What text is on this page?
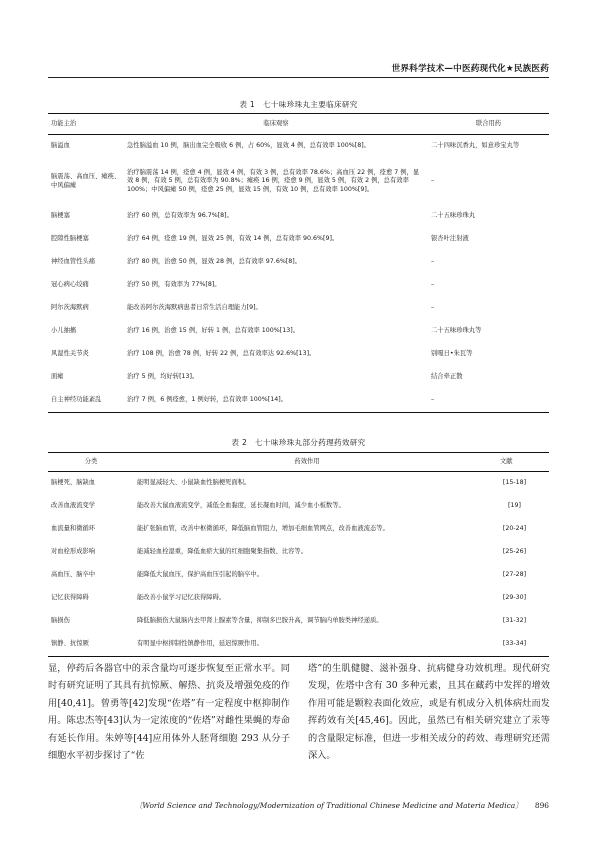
世界科学技术—中医药现代化★民族医药
表 1　七十味珍珠丸主要临床研究
功能主治	临床观察	联合用药
脑溢血	急性脑溢血 10 例，脑出血完全吸收 6 例，占 60%，显效 4 例，总有效率 100%[8]。	二十四味沉香丸，如意珍宝丸等
脑震荡、高血压、瘫痪、中风偏瘫	治疗脑震荡 14 例，痊愈 4 例，显效 4 例，有效 3 例，总有效率 78.6%；高血压 22 例，痊愈 7 例，显效 8 例，有效 5 例，总有效率为 90.8%；瘫痪 16 例，痊愈 9 例，显效 5 例，有效 2 例，总有效率 100%；中风偏瘫 50 例，痊愈 25 例，显效 15 例，有效 10 例，总有效率 100%[9]。	–
脑梗塞	治疗 60 例，总有效率为 96.7%[8]。	二十五味珍珠丸
腔隙性脑梗塞	治疗 64 例，痊愈 19 例，显效 25 例，有效 14 例，总有效率 90.6%[9]。	银杏叶注射液
神经血管性头痛	治疗 80 例，治愈 50 例，显效 28 例，总有效率 97.6%[8]。	–
冠心病心绞痛	治疗 50 例，有效率为 77%[8]。	–
阿尔茨海默病	能改善阿尔茨海默病患者日常生活自理能力[9]。	–
小儿抽搐	治疗 16 例，治愈 15 例，好转 1 例，总有效率 100%[13]。	二十五味珍珠丸等
风湿性关节炎	治疗 108 例，治愈 78 例，好转 22 例，总有效率达 92.6%[13]。	别嘎日•朱瓦等
面瘫	治疗 5 例，均好转[13]。	结合牵正散
自主神经功能紊乱	治疗 7 例，6 例痊愈，1 例好转，总有效率 100%[14]。	–
表 2　七十味珍珠丸部分药理药效研究
分类	药效作用	文献
脑梗死、脑缺血	能明显减轻大、小鼠缺血性脑梗死面积。	[15-18]
改善血液流变学	能改善大鼠血液流变学，减低全血黏度，延长凝血时间，减少血小板数等。	[19]
血流量和微循环	能扩张脑血管，改善中枢微循环，降低脑血管阻力，增加毛细血管网点，改善血液流态等。	[20-24]
对血栓形成影响	能减轻血栓湿重，降低血瘀大鼠的红细胞聚集指数、比容等。	[25-26]
高血压、脑卒中	能降低大鼠血压，保护高血压引起的脑卒中。	[27-28]
记忆获得障碍	能改善小鼠学习记忆获得障碍。	[29-30]
脑损伤	降低脑损伤大鼠脑内去甲肾上腺素等含量，抑制多巴胺升高，调节脑内单胺类神经递质。	[31-32]
镇静、抗惊厥	有明显中枢抑制性镇静作用，延迟惊厥作用。	[33-34]
显，停药后各器官中的汞含量均可逐步恢复至正常水平。同时有研究证明了其具有抗惊厥、解热、抗炎及增强免疫的作用[40,41]。曾勇等[42]发现“佐塔”有一定程度中枢抑制作用。陈忠杰等[43]认为一定浓度的“佐塔”对雌性果蝇的寿命有延长作用。朱婷等[44]应用体外人胚肾细胞 293 从分子细胞水平初步探讨了“佐
塔”的生肌健腱、滋补强身、抗病健身功效机理。现代研究发现，佐塔中含有 30 多种元素，且其在藏药中发挥的增效作用可能是颗粒表面化效应，或是有机成分入机体病灶而发挥药效有关[45,46]。因此，虽然已有相关研究建立了汞等的含量限定标准，但进一步相关成分的药效、毒理研究还需深入。
〔World Science and Technology/Modernization of Traditional Chinese Medicine and Materia Medica〕 896
